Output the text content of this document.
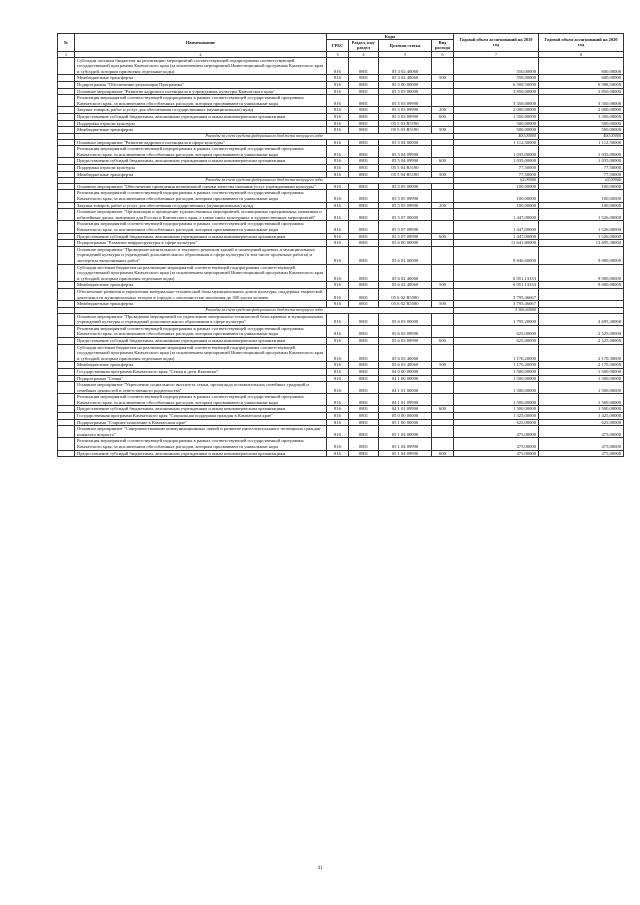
№	Наименование	Коды				Годовой объем ассигнований на 2019 год	Годовой объем ассигнований на 2020 год
		ГРБС	Раздел, под-раздел	Целевая статья	Вид расхода		
1	2	3	4	5	6	7	8
	Субсидии частным бюджетам на реализацию мероприятий соответствующей подпрограммы соответствующей государственной программы Камчатского края (за исключением мероприятий Инвестиционной программы Камчатского края и субсидий, которым присвоены отдельные коды)	816	0801	05 3 02 40060		550,00000	600,00000
	Межбюджетные трансферты	816	0801	05 3 02 40060	500	550,00000	600,00000
	Подпрограмма "Обеспечение реализации Программы"	816	0801	05 5 00 00000		6 509,50000	6 588,50000
	Основное мероприятие "Развитие кадрового потенциала в учреждениях культуры Камчатского края"	816	0801	05 5 03 00000		3 850,00000	3 850,00000
	Реализация мероприятий соответствующей подпрограммы в рамках соответствующей государственной программы Камчатского края, за исключением обособленных расходов, которым присваиваются уникальные коды	816	0801	05 5 03 09990		3 350,00000	3 350,00000
	Закупка товаров, работ и услуг для обеспечения государственных (муниципальных) нужд	816	0801	05 5 03 09990	200	2 000,00000	2 000,00000
	Предоставление субсидий бюджетным, автономным учреждениям и иным некоммерческим организациям	816	0801	05 5 03 09990	600	1 350,00000	1 350,00000
	Поддержка отрасли культуры	816	0801	05 5 03 R5190		500,00000	500,00000
	Межбюджетные трансферты	816	0801	05 5 03 R5190	500	500,00000	500,00000
	Расходы за счет средств федерального бюджета текущего года					400,00000	400,00000
	Основное мероприятие "Развитие кадрового потенциала в сфере культуры"	816	0801	05 5 04 00000		1 112,50000	1 112,50000
	Реализация мероприятий соответствующей подпрограммы в рамках соответствующей государственной программы Камчатского края, за исключением обособленных расходов, которым присваиваются уникальные коды	816	0801	05 5 04 09990		1 035,00000	1 035,00000
	Предоставление субсидий бюджетным, автономным учреждениям и иным некоммерческим организациям	816	0801	05 5 04 09990	600	1 035,00000	1 035,00000
	Поддержка отрасли культуры	816	0801	05 5 04 R5190		77,50000	77,50000
	Межбюджетные трансферты	816	0801	05 5 04 R5190	500	77,50000	77,50000
	Расходы за счет средств федерального бюджета текущего года					62,00000	62,00000
	Основное мероприятие "Обеспечение проведения независимой оценки качества оказания услуг учреждениями культуры"	816	0801	05 5 05 00000		100,00000	100,00000
	Реализация мероприятий соответствующей подпрограммы в рамках соответствующей государственной программы Камчатского края, за исключением обособленных расходов, которым присваиваются уникальные коды	816	0801	05 5 05 09990		100,00000	100,00000
	Закупка товаров, работ и услуг для обеспечения государственных (муниципальных) нужд	816	0801	05 5 05 09990	200	100,00000	100,00000
	Основное мероприятие "Организация и проведение художественных мероприятий, посвященных праздничным, памятным и юбилейным датам, значимым для России и Камчатского края, а также иных культурных и художественных мероприятий"	816	0801	05 5 07 00000		1 447,00000	1 526,00000
	Реализация мероприятий соответствующей подпрограммы в рамках соответствующей государственной программы Камчатского края, за исключением обособленных расходов, которым присваиваются уникальные коды	816	0801	05 5 07 09990		1 447,00000	1 526,00000
	Предоставление субсидий бюджетным, автономным учреждениям и иным некоммерческим организациям	816	0801	05 5 07 09990	600	1 447,00000	1 526,00000
	Подпрограмма "Развитие инфраструктуры в сфере культуры"	816	0801	05 6 00 00000		11 641,80000	13 695,30000
	Основное мероприятие "Проведение капитального и текущего ремонтов зданий и помещений краевых и муниципальных учреждений культуры и учреждений дополнительного образования в сфере культуры (в том числе проектные работы) и экспертиза выполненных работ"	816	0801	05 6 02 00000		9 846,60000	9 000,00000
	Субсидии местным бюджетам на реализацию мероприятий соответствующей подпрограммы соответствующей государственной программы Камчатского края (за исключением мероприятий Инвестиционной программы Камчатского края и субсидий, которым присвоены отдельные коды)	816	0801	05 6 02 40060		6 051,13333	9 000,00000
	Межбюджетные трансферты	816	0801	05 6 02 40060	500	6 051,13333	9 000,00000
	Обеспечение развития и укрепления материально-технической базы муниципальных домов культуры, поддержка творческой деятельности муниципальных театров в городах с численностью населения до 300 тысяч человек	816	0801	05 6 02 R5580		3 795,46667	
	Межбюджетные трансферты	816	0801	05 6 02 R5580	500	3 795,46667	
	Расходы за счет средств федерального бюджета текущего года					3 366,60000	
	Основное мероприятие "Проведение мероприятий по укреплению материально-технической базы краевых и муниципальных учреждений культуры и учреждений дополнительного образования в сфере культуры"	816	0801	05 6 03 00000		1 795,20000	4 695,30000
	Реализация мероприятий соответствующей подпрограммы в рамках соответствующей государственной программы Камчатского края, за исключением обособленных расходов, которым присваиваются уникальные коды	816	0801	05 6 03 09990		625,00000	2 525,00000
	Предоставление субсидий бюджетным, автономным учреждениям и иным некоммерческим организациям	816	0801	05 6 03 09990	600	625,00000	2 525,00000
	Субсидии местным бюджетам на реализацию мероприятий соответствующей подпрограммы соответствующей государственной программы Камчатского края (за исключением мероприятий Инвестиционной программы Камчатского края и субсидий, которым присвоены отдельные коды)	816	0801	05 6 03 40060		1 170,20000	2 170,30000
	Межбюджетные трансферты	816	0801	05 6 03 40060	500	1 170,20000	2 170,30000
	Государственная программа Камчатского края "Семья и дети Камчатки"	816	0801	04 0 00 00000		1 500,00000	1 500,00000
	Подпрограмма "Семья"	816	0801	04 1 00 00000		1 500,00000	1 500,00000
	Основное мероприятие "Укрепление социального института семьи, пропаганда положительных семейных традиций и семейных ценностей и ответственного родительства"	816	0801	04 1 01 00000		1 500,00000	1 500,00000
	Реализация мероприятий соответствующей подпрограммы в рамках соответствующей государственной программы Камчатского края, за исключением обособленных расходов, которым присваиваются уникальные коды	816	0801	04 1 01 09990		1 500,00000	1 500,00000
	Предоставление субсидий бюджетным, автономным учреждениям и иным некоммерческим организациям	816	0801	04 1 01 09990	600	1 500,00000	1 500,00000
	Государственная программа Камчатского края "Социальная поддержка граждан в Камчатском крае"	816	0801	05 0 00 00000		1 325,00000	1 425,00000
	Подпрограмма "Старшее поколение в Камчатском крае"	816	0801	05 1 00 00000		625,00000	625,00000
	Основное мероприятие "Совершенствование коммуникационных связей и развитие интеллектуального потенциала граждан пожилого возраста"	816	0801	05 1 04 00000		475,00000	475,00000
	Реализация мероприятий соответствующей подпрограммы в рамках соответствующей государственной программы Камчатского края, за исключением обособленных расходов, которым присваиваются уникальные коды	816	0801	05 1 04 09990		475,00000	475,00000
	Предоставление субсидий бюджетным, автономным учреждениям и иным некоммерческим организациям	816	0801	05 1 04 09990	600	475,00000	475,00000
41
